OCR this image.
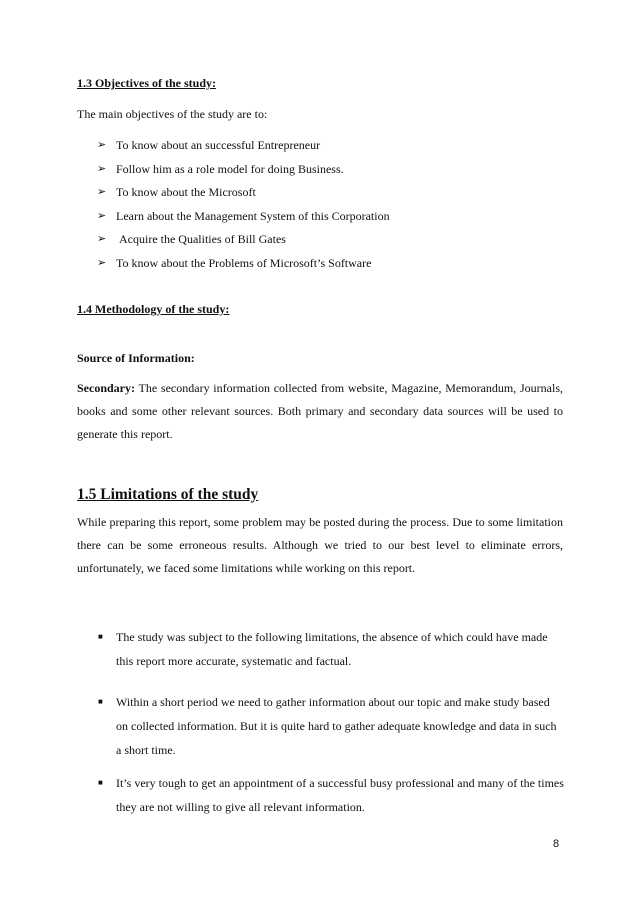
1.3 Objectives of the study:
The main objectives of the study are to:
➢ To know about an successful Entrepreneur
➢ Follow him as a role model for doing Business.
➢ To know about the Microsoft
➢ Learn about the Management System of this Corporation
➢ Acquire the Qualities of Bill Gates
➢ To know about the Problems of Microsoft’s Software
1.4 Methodology of the study:
Source of Information:
Secondary: The secondary information collected from website, Magazine, Memorandum, Journals, books and some other relevant sources. Both primary and secondary data sources will be used to generate this report.
1.5 Limitations of the study
While preparing this report, some problem may be posted during the process. Due to some limitation there can be some erroneous results. Although we tried to our best level to eliminate errors, unfortunately, we faced some limitations while working on this report.
■ The study was subject to the following limitations, the absence of which could have made this report more accurate, systematic and factual.
■ Within a short period we need to gather information about our topic and make study based on collected information. But it is quite hard to gather adequate knowledge and data in such a short time.
■ It’s very tough to get an appointment of a successful busy professional and many of the times they are not willing to give all relevant information.
8
